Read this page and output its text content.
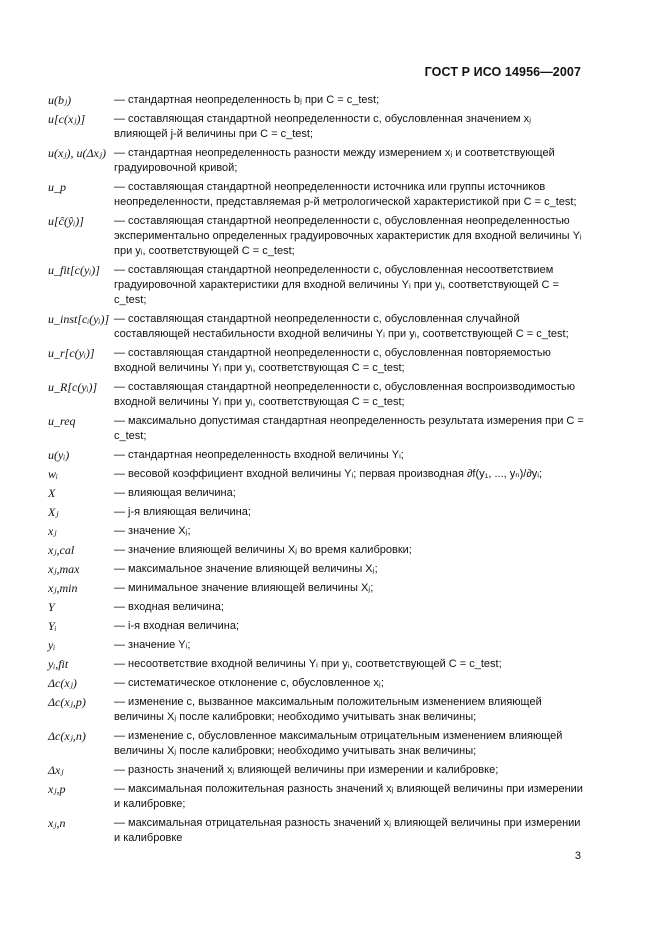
ГОСТ Р ИСО 14956—2007
u(bⱼ)	— стандартная неопределенность bⱼ при C = c_test;
u[c(xⱼ)]	— составляющая стандартной неопределенности c, обусловленная значением xⱼ влияющей j-й величины при C = c_test;
u(xⱼ), u(Δxⱼ) — стандартная неопределенность разности между измерением xⱼ и соответствующей градуировочной кривой;
u_p	— составляющая стандартной неопределенности источника или группы источников неопределенности, представляемая p-й метрологической характеристикой при C = c_test;
u[ĉ(ŷᵢ)]	— составляющая стандартной неопределенности c, обусловленная неопределенностью экспериментально определенных градуировочных характеристик для входной величины Yᵢ при yᵢ, соответствующей C = c_test;
u_fit[c(yᵢ)]	— составляющая стандартной неопределенности c, обусловленная несоответствием градуировочной характеристики для входной величины Yᵢ при yᵢ, соответствующей C = c_test;
u_inst[cᵢ(yᵢ)] — составляющая стандартной неопределенности c, обусловленная случайной составляющей нестабильности входной величины Yᵢ при yᵢ, соответствующей C = c_test;
u_r[c(yᵢ)]	— составляющая стандартной неопределенности c, обусловленная повторяемостью входной величины Yᵢ при yᵢ, соответствующая C = c_test;
u_R[c(yᵢ)]	— составляющая стандартной неопределенности c, обусловленная воспроизводимостью входной величины Yᵢ при yᵢ, соответствующая C = c_test;
u_req	— максимально допустимая стандартная неопределенность результата измерения при C = c_test;
u(yᵢ)	— стандартная неопределенность входной величины Yᵢ;
wᵢ	— весовой коэффициент входной величины Yᵢ; первая производная ∂f(y₁, ..., yₙ)/∂yᵢ;
X	— влияющая величина;
Xⱼ	— j-я влияющая величина;
xⱼ	— значение Xⱼ;
xⱼ,cal	— значение влияющей величины Xⱼ во время калибровки;
xⱼ,max	— максимальное значение влияющей величины Xⱼ;
xⱼ,min	— минимальное значение влияющей величины Xⱼ;
Y	— входная величина;
Yᵢ	— i-я входная величина;
yᵢ	— значение Yᵢ;
yᵢ,fit	— несоответствие входной величины Yᵢ при yᵢ, соответствующей C = c_test;
Δc(xⱼ)	— систематическое отклонение c, обусловленное xⱼ;
Δc(xⱼ,p)	— изменение c, вызванное максимальным положительным изменением влияющей величины Xⱼ после калибровки; необходимо учитывать знак величины;
Δc(xⱼ,n)	— изменение c, обусловленное максимальным отрицательным изменением влияющей величины Xⱼ после калибровки; необходимо учитывать знак величины;
Δxⱼ	— разность значений xⱼ влияющей величины при измерении и калибровке;
xⱼ,p	— максимальная положительная разность значений xⱼ влияющей величины при измерении и калибровке;
xⱼ,n	— максимальная отрицательная разность значений xⱼ влияющей величины при измерении и калибровке
3
